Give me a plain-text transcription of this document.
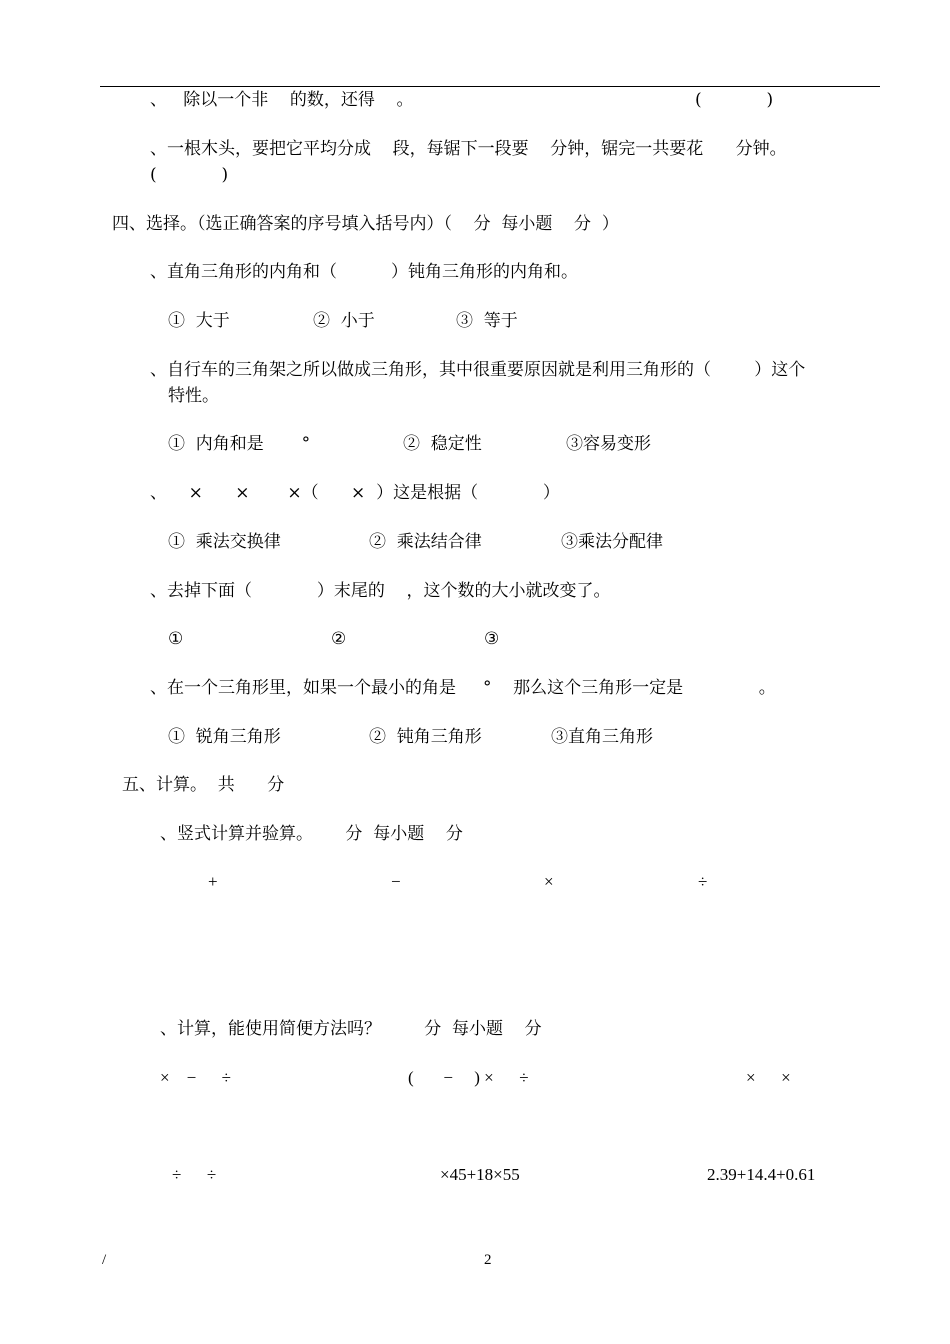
、   除以一个非    的数，还得    。	(            )
、一根木头，要把它平均分成    段，每锯下一段要    分钟，锯完一共要花      分钟。
(            )
四、选择。（选正确答案的序号填入括号内）（    分  每小题    分  ）
、直角三角形的内角和（          ）钝角三角形的内角和。
①  大于	②  小于	③  等于
、自行车的三角架之所以做成三角形，其中很重要原因就是利用三角形的（        ）这个
特性。
①  内角和是       °	②  稳定性	③容易变形
、    ×      ×       ×（      ×  ）这是根据（            ）
①  乘法交换律	②  乘法结合律	③乘法分配律
、去掉下面（            ）末尾的    ，这个数的大小就改变了。
①	②	③
、在一个三角形里，如果一个最小的角是     °    那么这个三角形一定是              。
①  锐角三角形	②  钝角三角形	③直角三角形
五、计算。  共      分
、竖式计算并验算。      分  每小题    分
+	−	×	÷
、计算，能使用简便方法吗？        分  每小题    分
×    −      ÷	(       −     ) ×      ÷	×      ×
÷      ÷	×45+18×55	2.39+14.4+0.61
/	2
